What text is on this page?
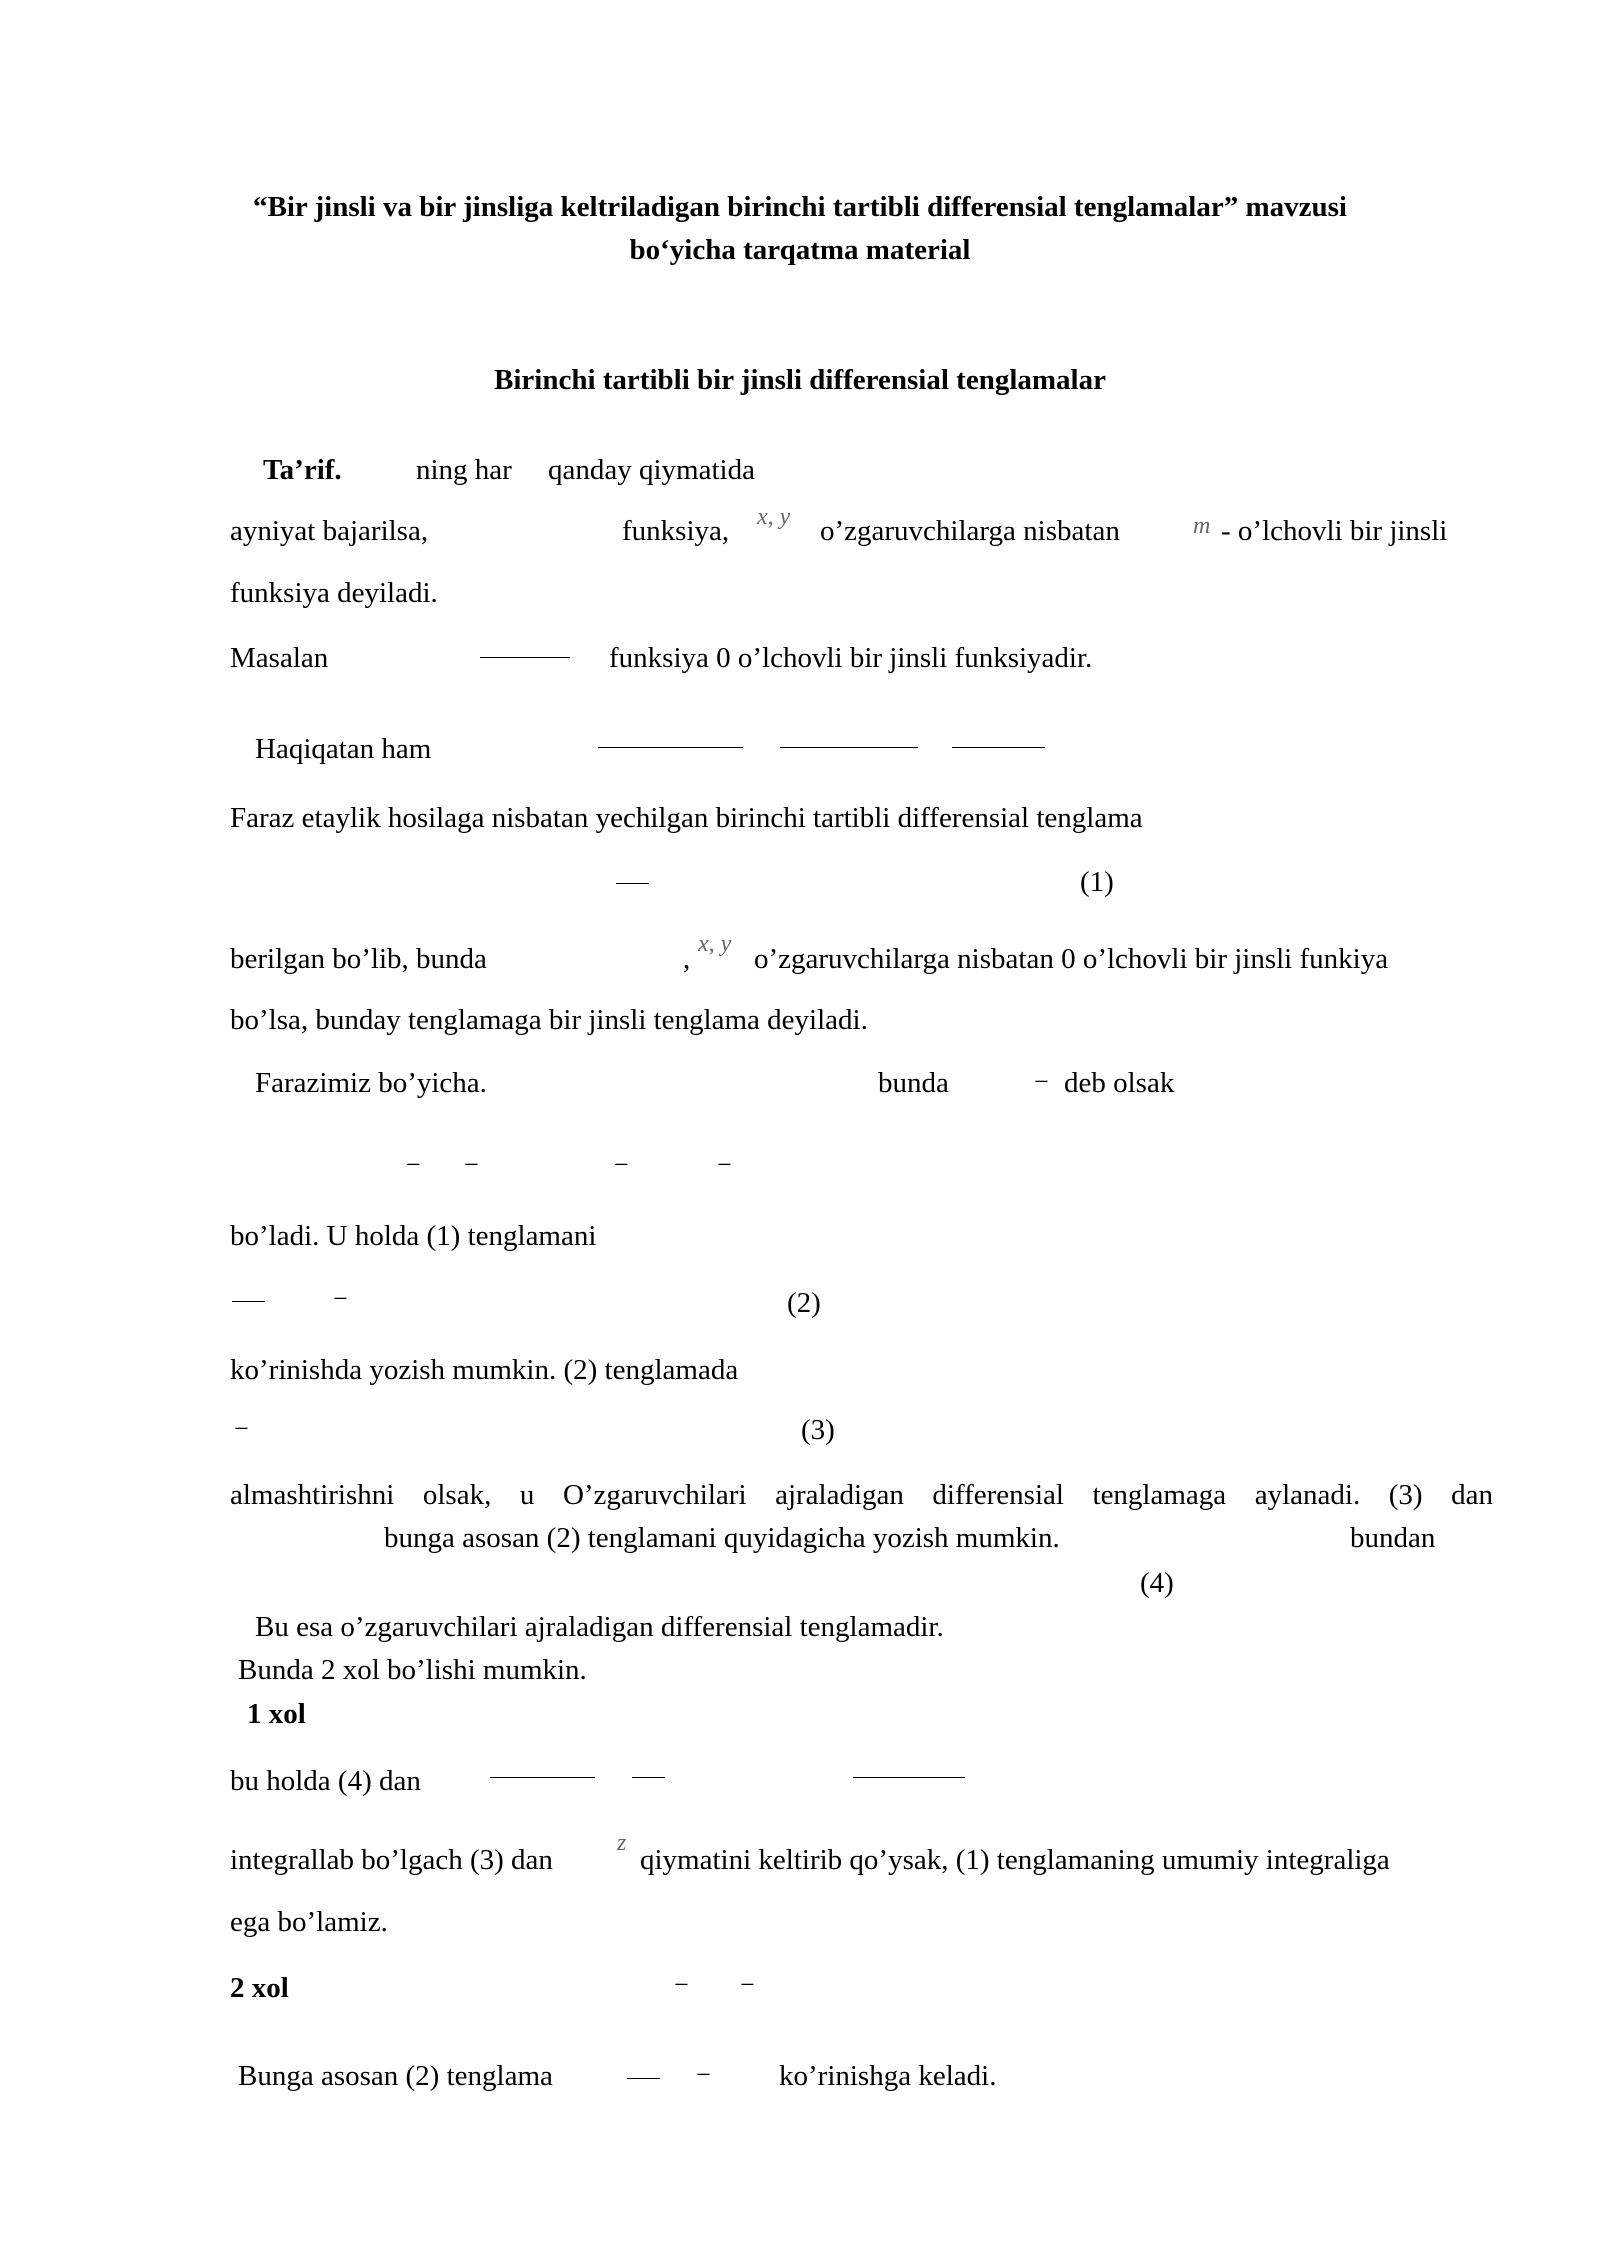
“Bir jinsli va bir jinsliga keltriladigan birinchi tartibli differensial tenglamalar” mavzusi
bo‘yicha tarqatma material
Birinchi tartibli bir jinsli differensial tenglamalar
Ta’rif.	ning har qanday qiymatida
ayniyat bajarilsa,	funksiya, x, y o’zgaruvchilarga nisbatan	m - o’lchovli bir jinsli
funksiya deyiladi.
Masalan	funksiya 0 o’lchovli bir jinsli funksiyadir.
Haqiqatan ham
Faraz etaylik hosilaga nisbatan yechilgan birinchi tartibli differensial tenglama
(1)
berilgan bo’lib, bunda	, x, y o’zgaruvchilarga nisbatan 0 o’lchovli bir jinsli funkiya
bo’lsa, bunday tenglamaga bir jinsli tenglama deyiladi.
Farazimiz bo’yicha.	bunda	− deb olsak
− −	−	−
bo’ladi. U holda (1) tenglamani
−	(2)
ko’rinishda yozish mumkin. (2) tenglamada
−	(3)
almashtirishni olsak, u O’zgaruvchilari ajraladigan differensial tenglamaga aylanadi. (3) dan
bunga asosan (2) tenglamani quyidagicha yozish mumkin.	bundan
(4)
Bu esa o’zgaruvchilari ajraladigan differensial tenglamadir.
Bunda 2 xol bo’lishi mumkin.
1 xol
bu holda (4) dan
integrallab bo’lgach (3) dan
z
qiymatini keltirib qo’ysak, (1) tenglamaning umumiy integraliga
ega bo’lamiz.
2 xol	− −
Bunga asosan (2) tenglama	− ko’rinishga keladi.
